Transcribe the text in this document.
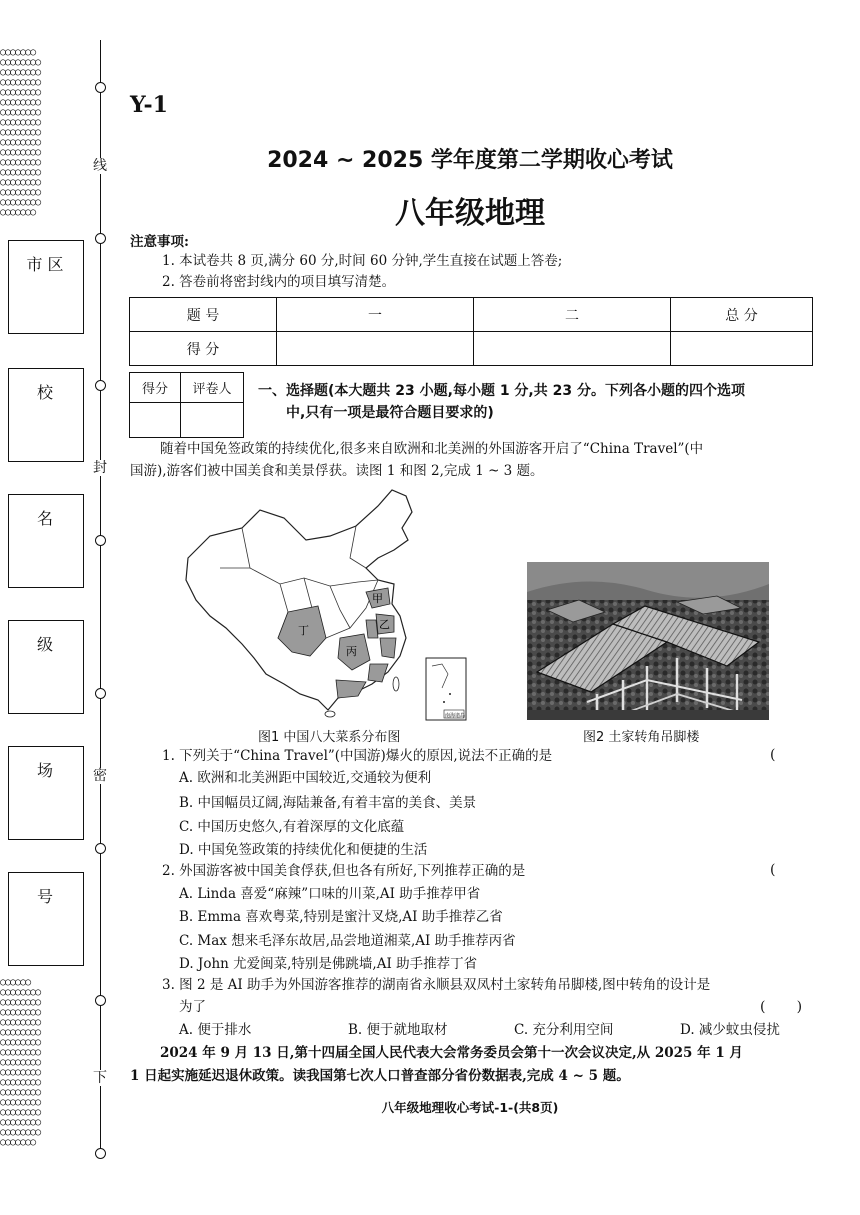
○○○○○○○
○○○○○○○○
○○○○○○○○
○○○○○○○○
○○○○○○○○
○○○○○○○○
○○○○○○○○
○○○○○○○○
○○○○○○○○
○○○○○○○○
○○○○○○○○
○○○○○○○○
○○○○○○○○
○○○○○○○○
○○○○○○○○
○○○○○○○○
○○○○○○○
○○○○○○
○○○○○○○○
○○○○○○○○
○○○○○○○○
○○○○○○○○
○○○○○○○○
○○○○○○○○
○○○○○○○○
○○○○○○○○
○○○○○○○○
○○○○○○○○
○○○○○○○○
○○○○○○○○
○○○○○○○○
○○○○○○○○
○○○○○○○○
○○○○○○○
线
封
密
下
市 区
校
名
级
场
号
Y-1
2024 ~ 2025 学年度第二学期收心考试
八年级地理
注意事项:
1. 本试卷共 8 页,满分 60 分,时间 60 分钟,学生直接在试题上答卷;
2. 答卷前将密封线内的项目填写清楚。
题 号	一	二	总 分
得 分			
得分	评卷人
	一、选择题(本大题共 23 小题,每小题 1 分,共 23 分。下列各小题的四个选项
中,只有一项是最符合题目要求的)
随着中国免签政策的持续优化,很多来自欧洲和北美洲的外国游客开启了“China Travel”(中
国游),游客们被中国美食和美景俘获。读图 1 和图 2,完成 1 ~ 3 题。
甲
乙
丁
丙
南海诸岛
图1 中国八大菜系分布图	图2 土家转角吊脚楼
1. 下列关于“China Travel”(中国游)爆火的原因,说法不正确的是	(
A. 欧洲和北美洲距中国较近,交通较为便利
B. 中国幅员辽阔,海陆兼备,有着丰富的美食、美景
C. 中国历史悠久,有着深厚的文化底蕴
D. 中国免签政策的持续优化和便捷的生活
2. 外国游客被中国美食俘获,但也各有所好,下列推荐正确的是	(
A. Linda 喜爱“麻辣”口味的川菜,AI 助手推荐甲省
B. Emma 喜欢粤菜,特别是蜜汁叉烧,AI 助手推荐乙省
C. Max 想来毛泽东故居,品尝地道湘菜,AI 助手推荐丙省
D. John 尤爱闽菜,特别是佛跳墙,AI 助手推荐丁省
3. 图 2 是 AI 助手为外国游客推荐的湖南省永顺县双凤村土家转角吊脚楼,图中转角的设计是
为了	(       )
A. 便于排水	B. 便于就地取材	C. 充分利用空间	D. 减少蚊虫侵扰
2024 年 9 月 13 日,第十四届全国人民代表大会常务委员会第十一次会议决定,从 2025 年 1 月
1 日起实施延迟退休政策。读我国第七次人口普查部分省份数据表,完成 4 ~ 5 题。
八年级地理收心考试-1-(共8页)
